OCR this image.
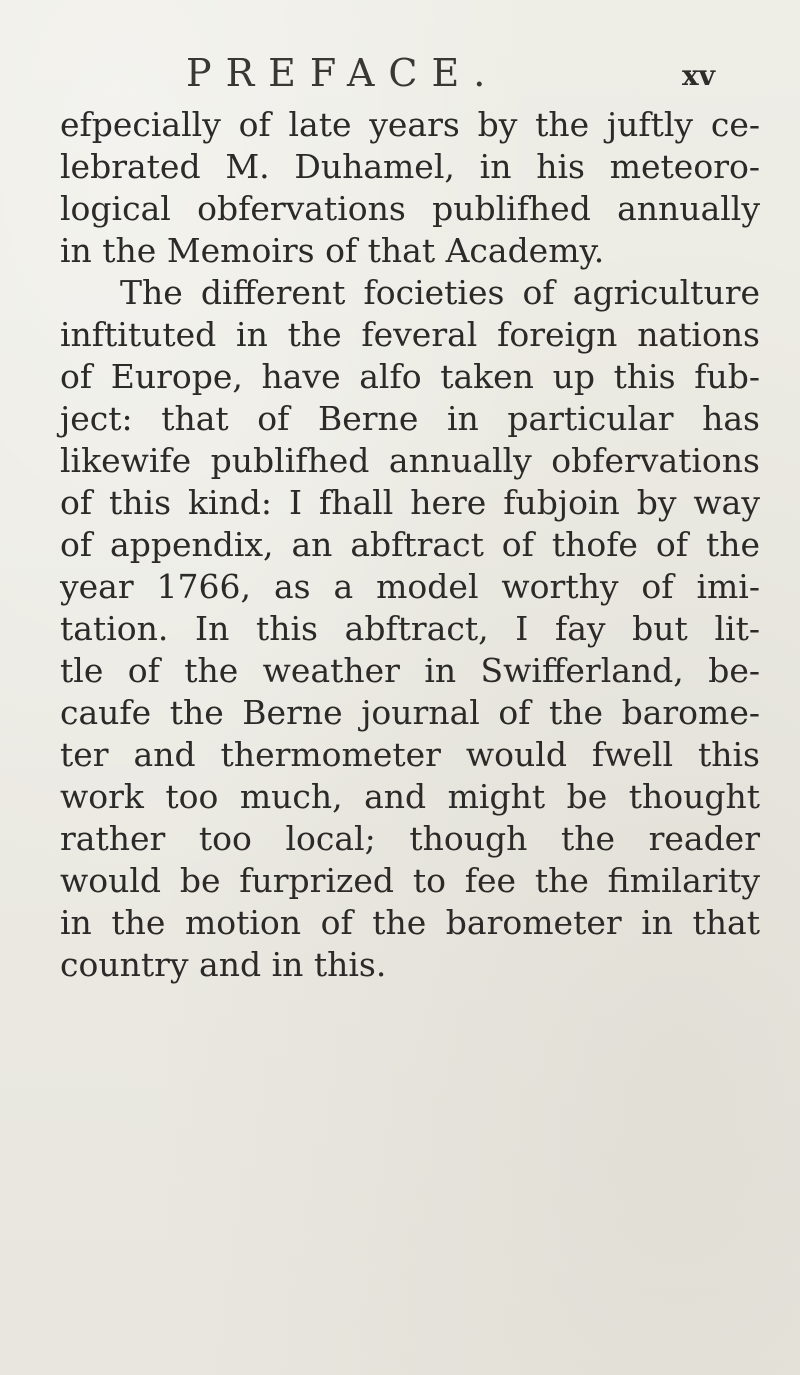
PREFACE.	xv
efpecially of late years by the juftly ce-
lebrated M. Duhamel, in his meteoro-
logical obfervations publifhed annually
in the Memoirs of that Academy.
The different focieties of agriculture
inftituted in the feveral foreign nations
of Europe, have alfo taken up this fub-
ject: that of Berne in particular has
likewife publifhed annually obfervations
of this kind: I fhall here fubjoin by way
of appendix, an abftract of thofe of the
year 1766, as a model worthy of imi-
tation. In this abftract, I fay but lit-
tle of the weather in Swifferland, be-
caufe the Berne journal of the barome-
ter and thermometer would fwell this
work too much, and might be thought
rather too local; though the reader
would be furprized to fee the fimilarity
in the motion of the barometer in that
country and in this.
